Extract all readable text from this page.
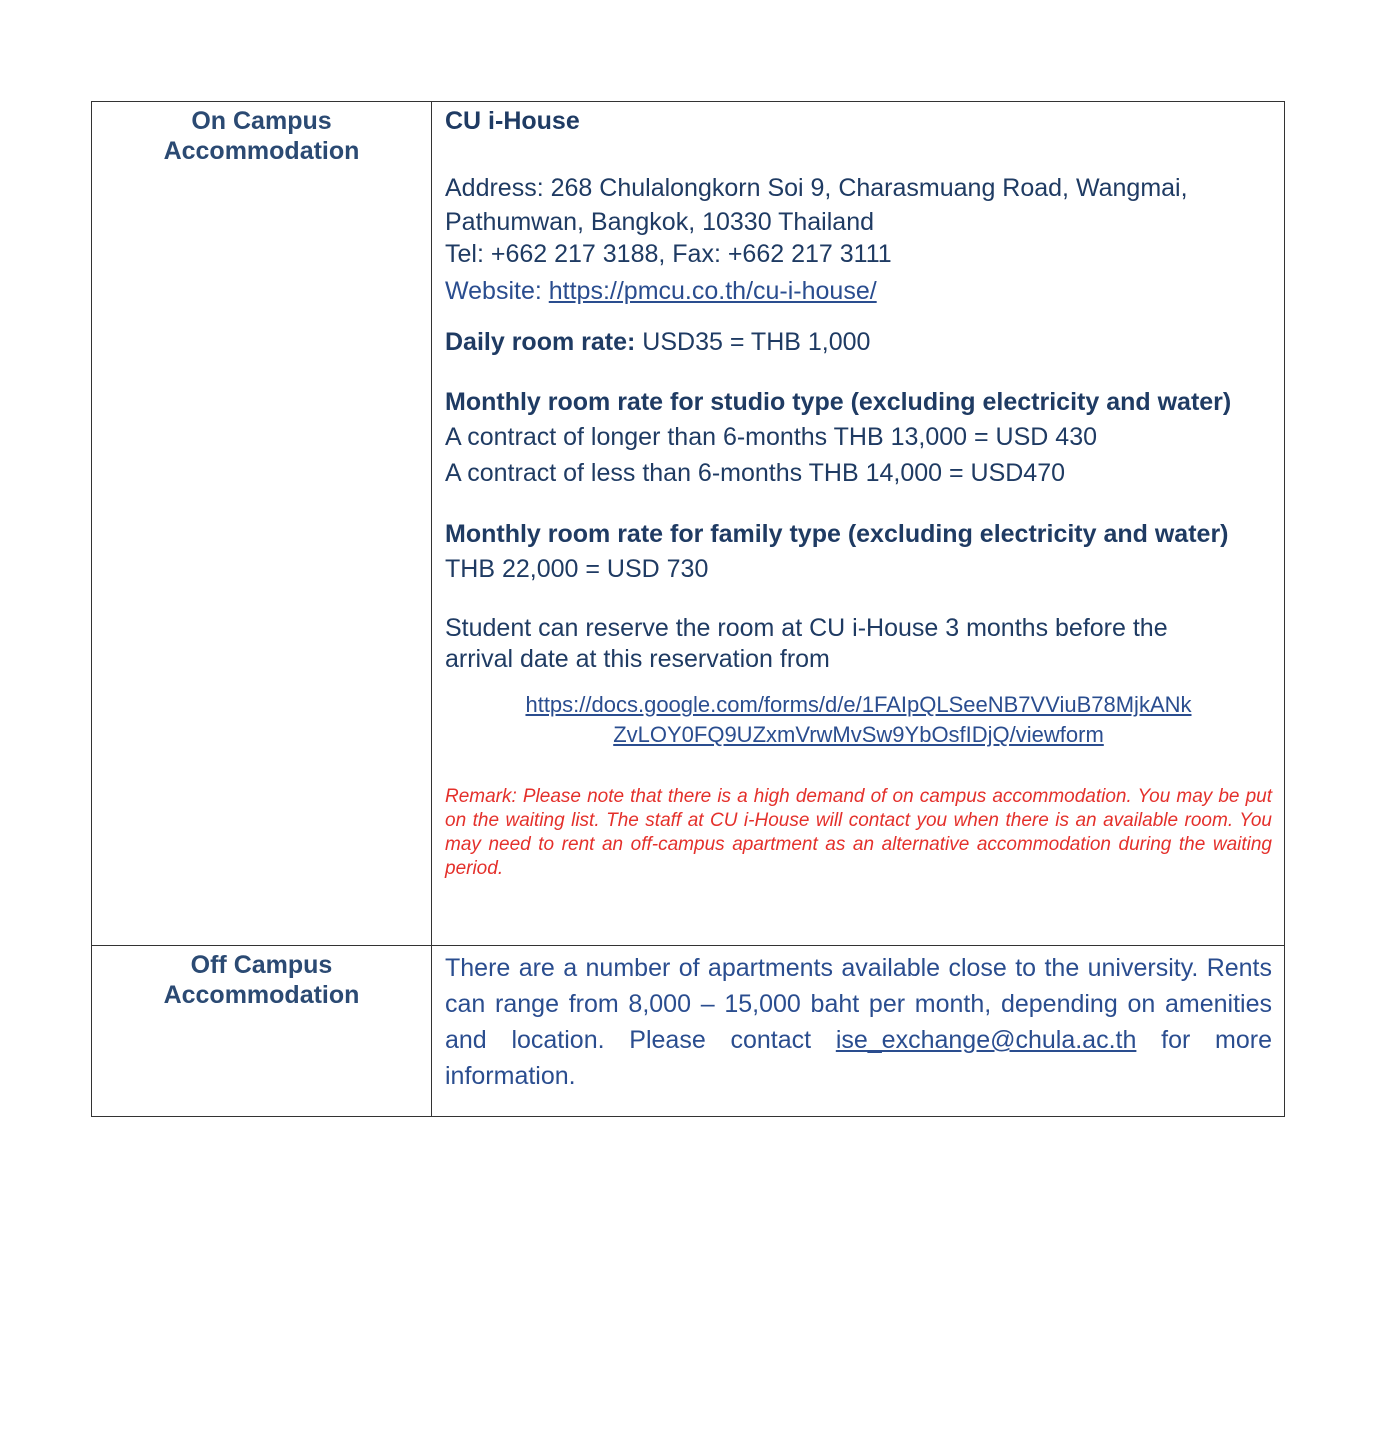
On Campus
Accommodation

CU i-House

Address: 268 Chulalongkorn Soi 9, Charasmuang Road, Wangmai,

Pathumwan, Bangkok, 10330 Thailand

Tel: +662 217 3188, Fax: +662 217 3111

Website: https://pmcu.co.th/cu-i-house/

Daily room rate: USD35 = THB 1,000

Monthly room rate for studio type (excluding electricity and water)

A contract of longer than 6-months THB 13,000 = USD 430

A contract of less than 6-months THB 14,000 = USD470

Monthly room rate for family type (excluding electricity and water)

THB 22,000 = USD 730

Student can reserve the room at CU i-House 3 months before the

arrival date at this reservation from

https://docs.google.com/forms/d/e/1FAIpQLSeeNB7VViuB78MjkANk
ZvLOY0FQ9UZxmVrwMvSw9YbOsfIDjQ/viewform

Remark: Please note that there is a high demand of on campus accommodation. You may be put on the waiting list. The staff at CU i-House will contact you when there is an available room. You may need to rent an off-campus apartment as an alternative accommodation during the waiting period.

Off Campus
Accommodation

There are a number of apartments available close to the university. Rents can range from 8,000 – 15,000 baht per month, depending on amenities and location. Please contact ise_exchange@chula.ac.th for more information.
